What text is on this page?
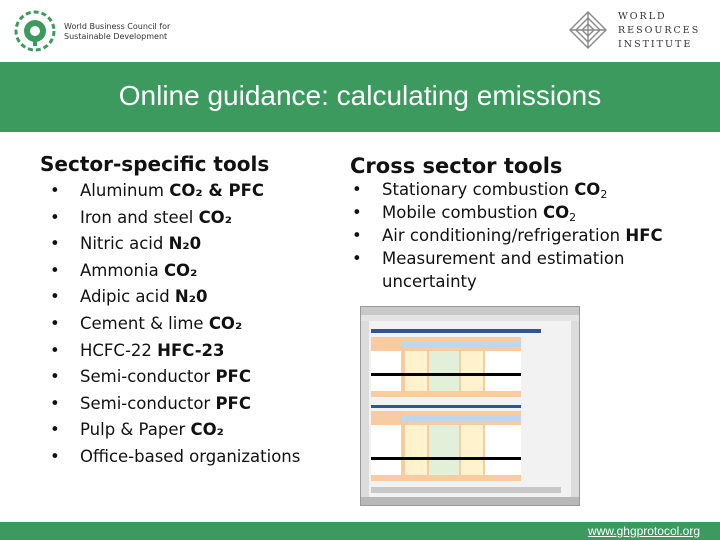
World Business Council for
Sustainable Development
WORLD
RESOURCES
INSTITUTE
Online guidance: calculating emissions
Sector-specific tools
• Aluminum CO₂ & PFC
• Iron and steel CO₂
• Nitric acid N₂0
• Ammonia CO₂
• Adipic acid N₂0
• Cement & lime CO₂
• HCFC-22 HFC-23
• Semi-conductor PFC
• Semi-conductor PFC
• Pulp & Paper CO₂
• Office-based organizations
Cross sector tools
• Stationary combustion $CO_2$
• Mobile combustion $CO_2$
• Air conditioning/refrigeration HFC
• Measurement and estimation
uncertainty
www.ghgprotocol.org
